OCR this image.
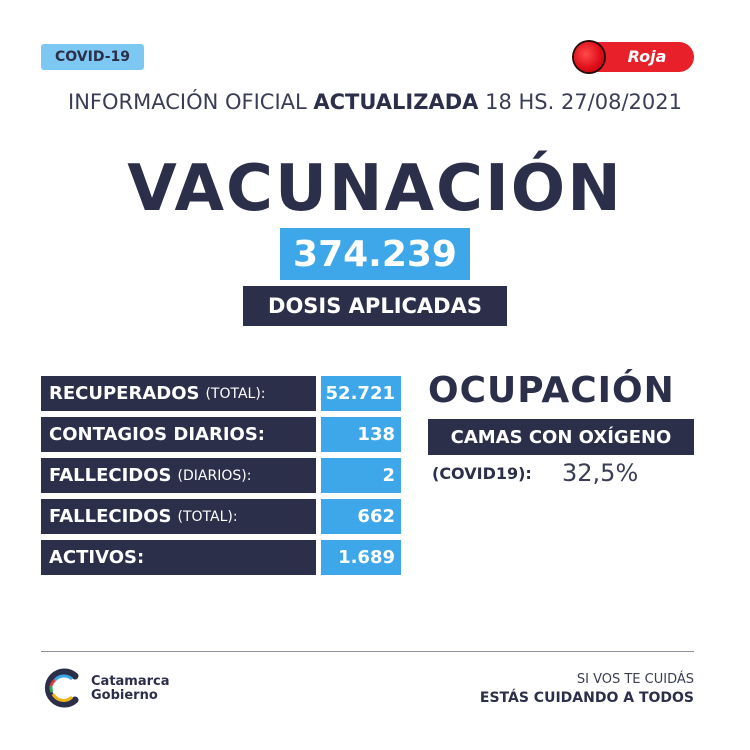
COVID-19	Roja
INFORMACIÓN OFICIAL ACTUALIZADA 18 HS. 27/08/2021
VACUNACIÓN
374.239
DOSIS APLICADAS
RECUPERADOS (TOTAL):	52.721
CONTAGIOS DIARIOS:	138
FALLECIDOS (DIARIOS):	2
FALLECIDOS (TOTAL):	662
ACTIVOS:	1.689
OCUPACIÓN
CAMAS CON OXÍGENO
(COVID19): 32,5%
Catamarca
Gobierno
SI VOS TE CUIDÁS
ESTÁS CUIDANDO A TODOS
